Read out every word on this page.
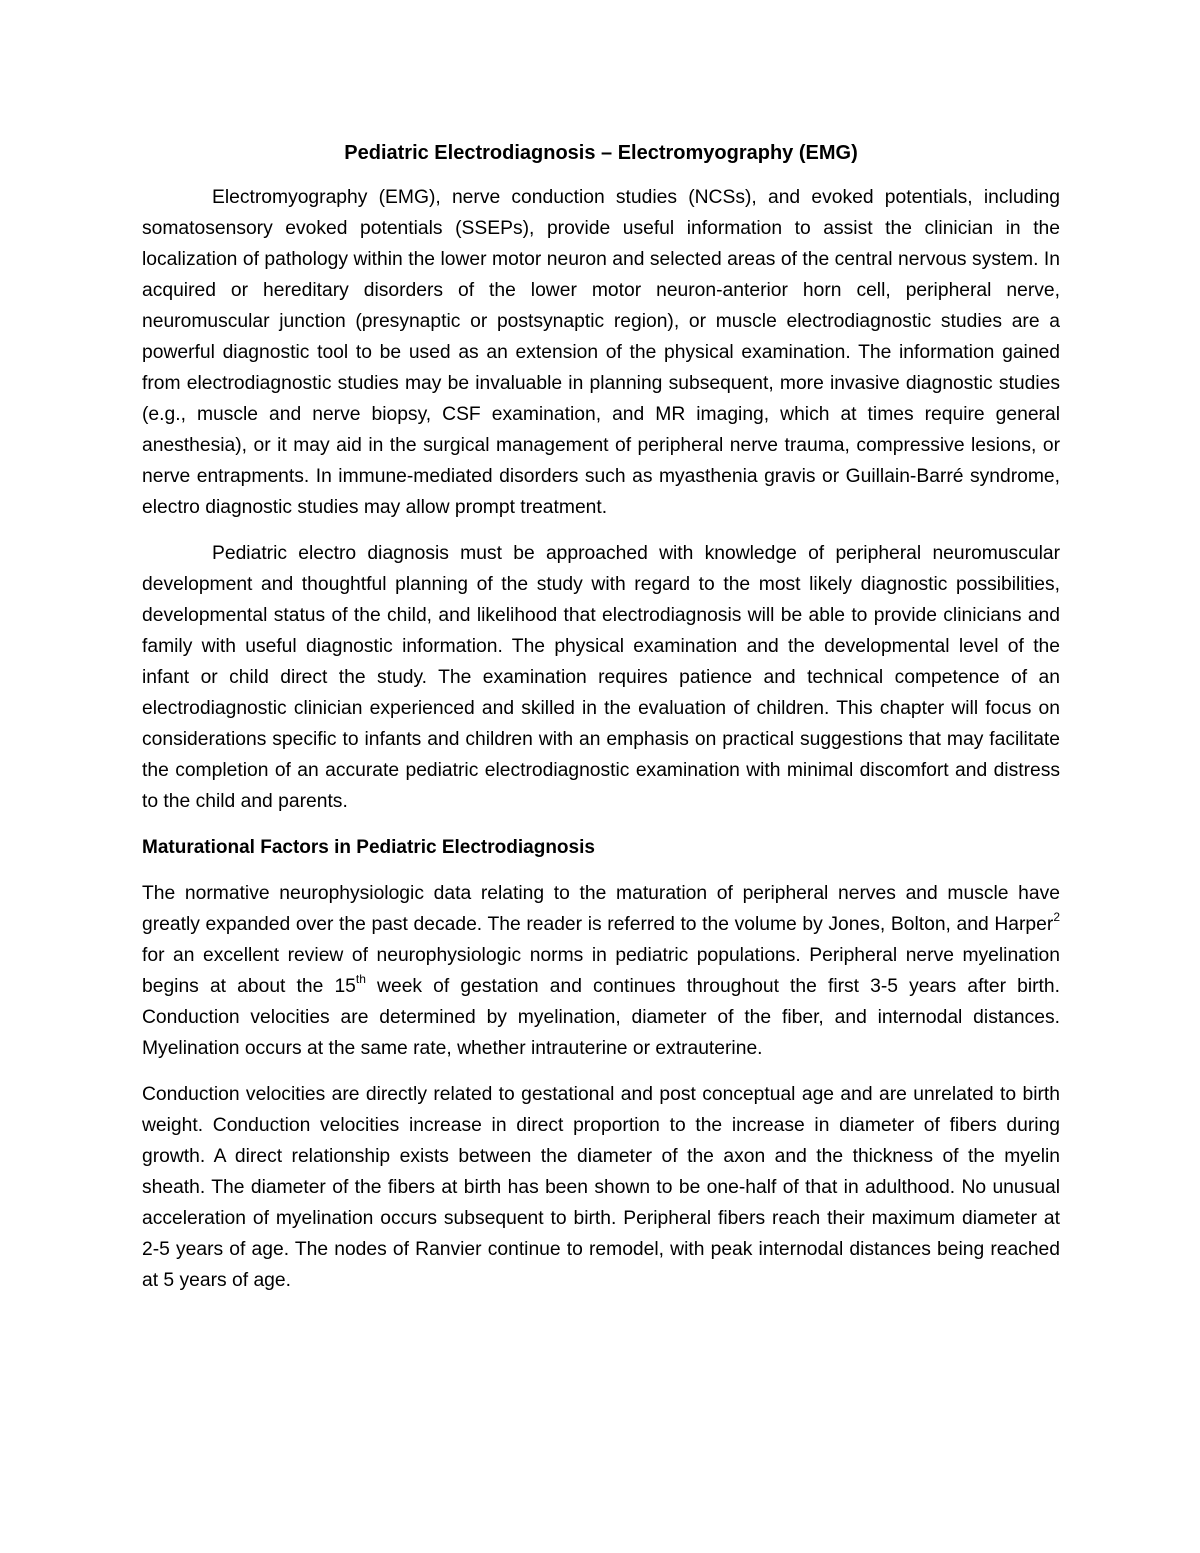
Pediatric Electrodiagnosis – Electromyography (EMG)

Electromyography (EMG), nerve conduction studies (NCSs), and evoked potentials, including somatosensory evoked potentials (SSEPs), provide useful information to assist the clinician in the localization of pathology within the lower motor neuron and selected areas of the central nervous system. In acquired or hereditary disorders of the lower motor neuron-anterior horn cell, peripheral nerve, neuromuscular junction (presynaptic or postsynaptic region), or muscle electrodiagnostic studies are a powerful diagnostic tool to be used as an extension of the physical examination. The information gained from electrodiagnostic studies may be invaluable in planning subsequent, more invasive diagnostic studies (e.g., muscle and nerve biopsy, CSF examination, and MR imaging, which at times require general anesthesia), or it may aid in the surgical management of peripheral nerve trauma, compressive lesions, or nerve entrapments. In immune-mediated disorders such as myasthenia gravis or Guillain-Barré syndrome, electro diagnostic studies may allow prompt treatment.

Pediatric electro diagnosis must be approached with knowledge of peripheral neuromuscular development and thoughtful planning of the study with regard to the most likely diagnostic possibilities, developmental status of the child, and likelihood that electrodiagnosis will be able to provide clinicians and family with useful diagnostic information. The physical examination and the developmental level of the infant or child direct the study. The examination requires patience and technical competence of an electrodiagnostic clinician experienced and skilled in the evaluation of children. This chapter will focus on considerations specific to infants and children with an emphasis on practical suggestions that may facilitate the completion of an accurate pediatric electrodiagnostic examination with minimal discomfort and distress to the child and parents.

Maturational Factors in Pediatric Electrodiagnosis

The normative neurophysiologic data relating to the maturation of peripheral nerves and muscle have greatly expanded over the past decade. The reader is referred to the volume by Jones, Bolton, and Harper$^2$ for an excellent review of neurophysiologic norms in pediatric populations. Peripheral nerve myelination begins at about the 15th week of gestation and continues throughout the first 3-5 years after birth. Conduction velocities are determined by myelination, diameter of the fiber, and internodal distances. Myelination occurs at the same rate, whether intrauterine or extrauterine.

Conduction velocities are directly related to gestational and post conceptual age and are unrelated to birth weight. Conduction velocities increase in direct proportion to the increase in diameter of fibers during growth. A direct relationship exists between the diameter of the axon and the thickness of the myelin sheath. The diameter of the fibers at birth has been shown to be one-half of that in adulthood. No unusual acceleration of myelination occurs subsequent to birth. Peripheral fibers reach their maximum diameter at 2-5 years of age. The nodes of Ranvier continue to remodel, with peak internodal distances being reached at 5 years of age.
